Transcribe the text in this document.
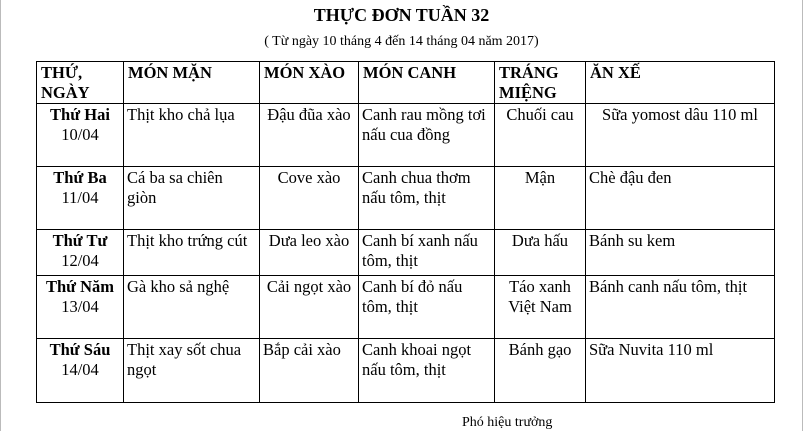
THỰC ĐƠN TUẦN 32
( Từ ngày 10 tháng 4 đến 14 tháng 04 năm 2017)
THỨ, NGÀY	MÓN MẶN	MÓN XÀO	MÓN CANH	TRÁNG MIỆNG	ĂN XẾ

Thứ Hai
10/04	Thịt kho chả lụa	Đậu đũa xào	Canh rau mồng tơi nấu cua đồng	Chuối cau	Sữa yomost dâu 110 ml

Thứ Ba
11/04	Cá ba sa chiên giòn	Cove xào	Canh chua thơm nấu tôm, thịt	Mận	Chè đậu đen

Thứ Tư
12/04	Thịt kho trứng cút	Dưa leo xào	Canh bí xanh nấu tôm, thịt	Dưa hấu	Bánh su kem

Thứ Năm
13/04	Gà kho sả nghệ	Cải ngọt xào	Canh bí đỏ nấu tôm, thịt	Táo xanh Việt Nam	Bánh canh nấu tôm, thịt

Thứ Sáu
14/04	Thịt xay sốt chua ngọt	Bắp cải xào	Canh khoai ngọt nấu tôm, thịt	Bánh gạo	Sữa Nuvita 110 ml
Phó hiệu trưởng
